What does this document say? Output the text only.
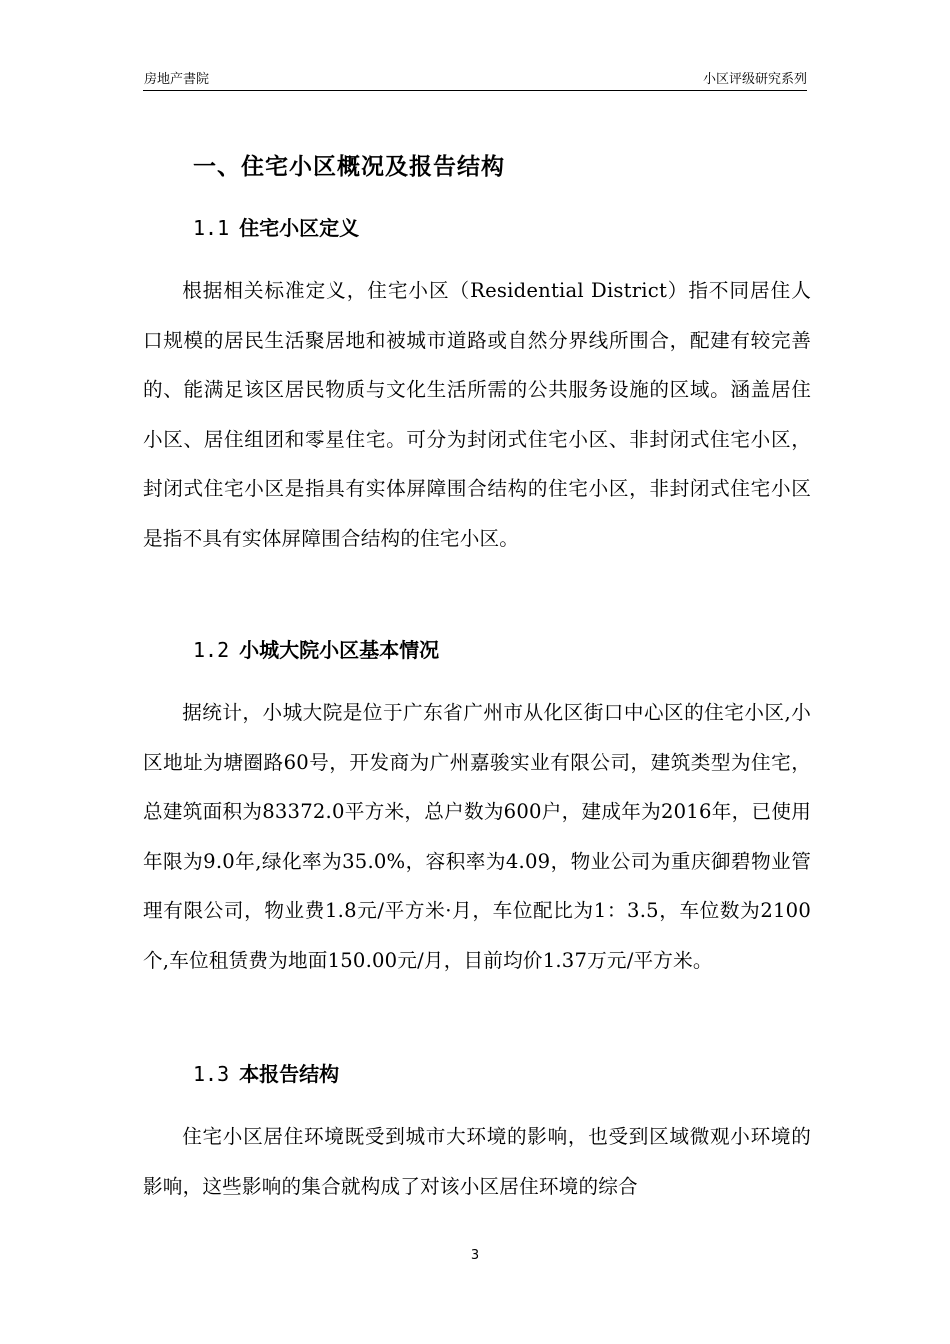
房地产書院	小区评级研究系列
一、住宅小区概况及报告结构
1.1 住宅小区定义
根据相关标准定义，住宅小区（Residential District）指不同居住人口规模的居民生活聚居地和被城市道路或自然分界线所围合，配建有较完善的、能满足该区居民物质与文化生活所需的公共服务设施的区域。涵盖居住小区、居住组团和零星住宅。可分为封闭式住宅小区、非封闭式住宅小区，封闭式住宅小区是指具有实体屏障围合结构的住宅小区，非封闭式住宅小区是指不具有实体屏障围合结构的住宅小区。
1.2 小城大院小区基本情况
据统计，小城大院是位于广东省广州市从化区街口中心区的住宅小区,小区地址为塘圈路60号，开发商为广州嘉骏实业有限公司，建筑类型为住宅，总建筑面积为83372.0平方米，总户数为600户，建成年为2016年，已使用年限为9.0年,绿化率为35.0%，容积率为4.09，物业公司为重庆御碧物业管理有限公司，物业费1.8元/平方米·月，车位配比为1：3.5，车位数为2100个,车位租赁费为地面150.00元/月，目前均价1.37万元/平方米。
1.3 本报告结构
住宅小区居住环境既受到城市大环境的影响，也受到区域微观小环境的影响，这些影响的集合就构成了对该小区居住环境的综合
3
